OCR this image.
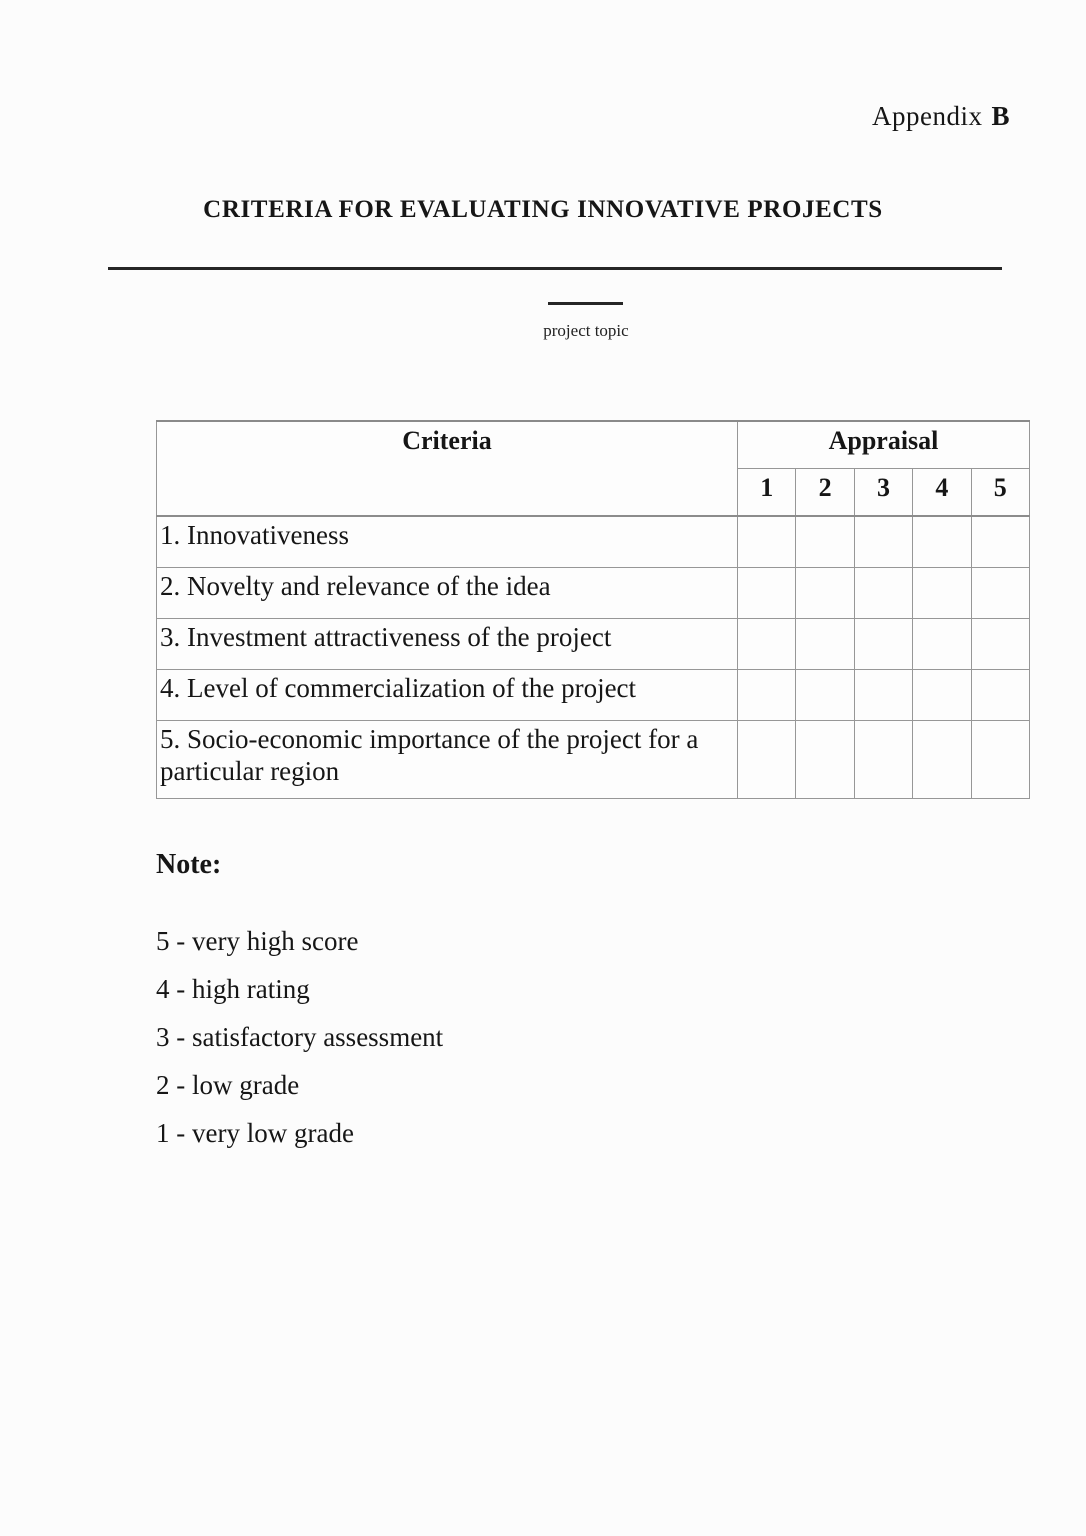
Appendix B
CRITERIA FOR EVALUATING INNOVATIVE PROJECTS
project topic
Criteria	Appraisal				
	1	2	3	4	5
1. Innovativeness					
2. Novelty and relevance of the idea					
3. Investment attractiveness of the project					
4. Level of commercialization of the project					
5. Socio-economic importance of the project for a particular region					
Note:
5 - very high score
4 - high rating
3 - satisfactory assessment
2 - low grade
1 - very low grade
